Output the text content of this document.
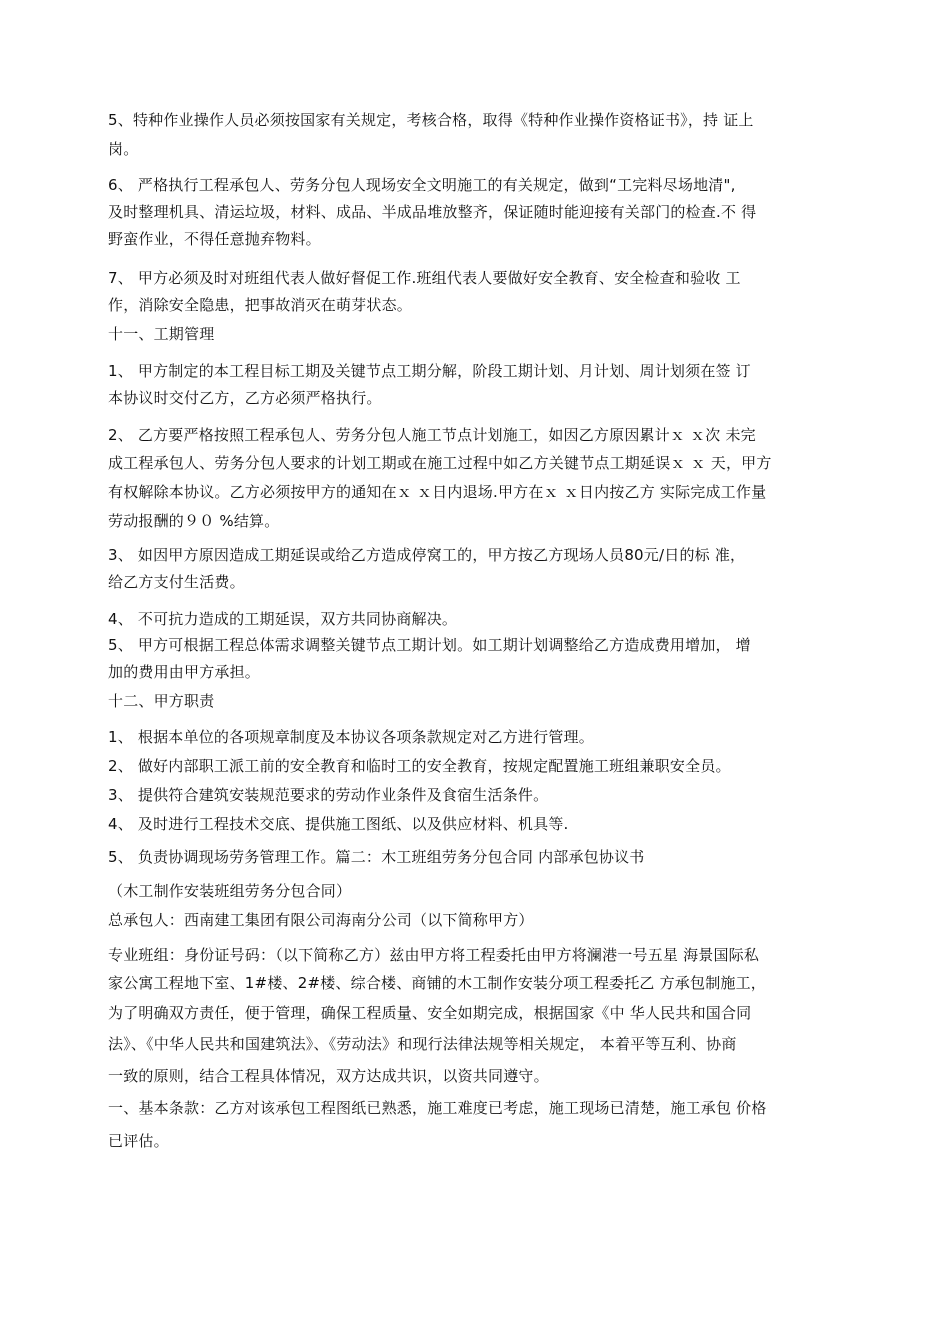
5、特种作业操作人员必须按国家有关规定，考核合格，取得《特种作业操作资格证书》，持 证上
岗。
6、 严格执行工程承包人、劳务分包人现场安全文明施工的有关规定，做到“工完料尽场地清",
及时整理机具、清运垃圾，材料、成品、半成品堆放整齐，保证随时能迎接有关部门的检查.不 得
野蛮作业，不得任意抛弃物料。
7、 甲方必须及时对班组代表人做好督促工作.班组代表人要做好安全教育、安全检查和验收 工
作，消除安全隐患，把事故消灭在萌芽状态。
十一、工期管理
1、 甲方制定的本工程目标工期及关键节点工期分解，阶段工期计划、月计划、周计划须在签 订
本协议时交付乙方，乙方必须严格执行。
2、 乙方要严格按照工程承包人、劳务分包人施工节点计划施工，如因乙方原因累计ｘ ｘ次 未完
成工程承包人、劳务分包人要求的计划工期或在施工过程中如乙方关键节点工期延误ｘ ｘ 天，甲方
有权解除本协议。乙方必须按甲方的通知在ｘ ｘ日内退场.甲方在ｘ ｘ日内按乙方 实际完成工作量
劳动报酬的９０ %结算。
3、 如因甲方原因造成工期延误或给乙方造成停窝工的，甲方按乙方现场人员80元/日的标 准，
给乙方支付生活费。
4、 不可抗力造成的工期延误，双方共同协商解决。
5、 甲方可根据工程总体需求调整关键节点工期计划。如工期计划调整给乙方造成费用增加， 增
加的费用由甲方承担。
十二、甲方职责
1、 根据本单位的各项规章制度及本协议各项条款规定对乙方进行管理。
2、 做好内部职工派工前的安全教育和临时工的安全教育，按规定配置施工班组兼职安全员。
3、 提供符合建筑安装规范要求的劳动作业条件及食宿生活条件。
4、 及时进行工程技术交底、提供施工图纸、以及供应材料、机具等.
5、 负责协调现场劳务管理工作。篇二：木工班组劳务分包合同 内部承包协议书
（木工制作安装班组劳务分包合同）
总承包人：西南建工集团有限公司海南分公司（以下简称甲方）
专业班组：身份证号码：（以下简称乙方）兹由甲方将工程委托由甲方将澜港一号五星 海景国际私
家公寓工程地下室、1#楼、2#楼、综合楼、商铺的木工制作安装分项工程委托乙 方承包制施工，
为了明确双方责任，便于管理，确保工程质量、安全如期完成，根据国家《中 华人民共和国合同
法》、《中华人民共和国建筑法》、《劳动法》和现行法律法规等相关规定， 本着平等互利、协商
一致的原则，结合工程具体情况，双方达成共识，以资共同遵守。
一、基本条款：乙方对该承包工程图纸已熟悉，施工难度已考虑，施工现场已清楚，施工承包 价格
已评估。
